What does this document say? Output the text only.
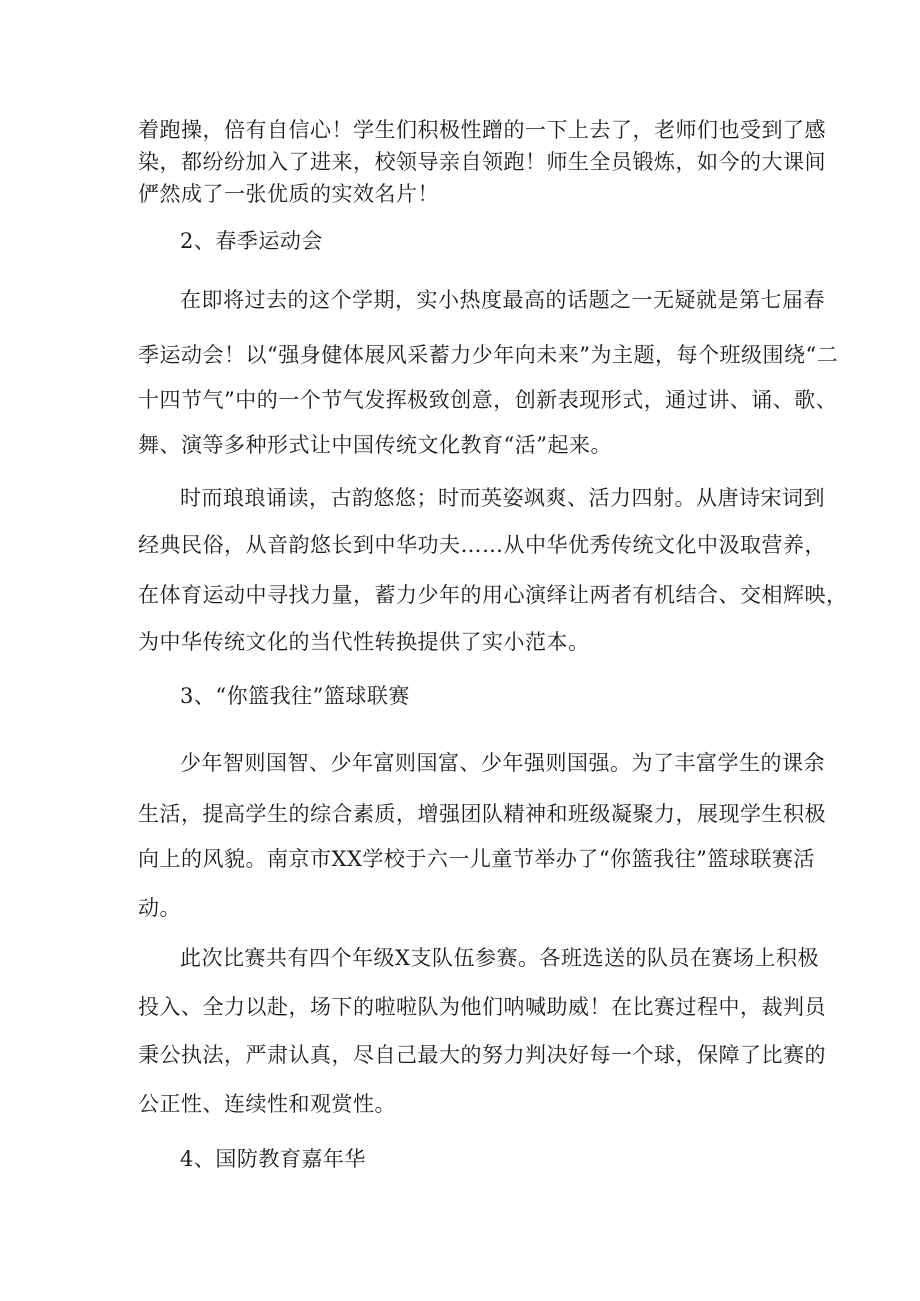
着跑操，倍有自信心！学生们积极性蹭的一下上去了，老师们也受到了感
染，都纷纷加入了进来，校领导亲自领跑！师生全员锻炼，如今的大课间
俨然成了一张优质的实效名片！
2、春季运动会
在即将过去的这个学期，实小热度最高的话题之一无疑就是第七届春
季运动会！以“强身健体展风采蓄力少年向未来”为主题，每个班级围绕“二
十四节气”中的一个节气发挥极致创意，创新表现形式，通过讲、诵、歌、
舞、演等多种形式让中国传统文化教育“活”起来。
时而琅琅诵读，古韵悠悠；时而英姿飒爽、活力四射。从唐诗宋词到
经典民俗，从音韵悠长到中华功夫……从中华优秀传统文化中汲取营养，
在体育运动中寻找力量，蓄力少年的用心演绎让两者有机结合、交相辉映，
为中华传统文化的当代性转换提供了实小范本。
3、“你篮我往”篮球联赛
少年智则国智、少年富则国富、少年强则国强。为了丰富学生的课余
生活，提高学生的综合素质，增强团队精神和班级凝聚力，展现学生积极
向上的风貌。南京市XX学校于六一儿童节举办了“你篮我往”篮球联赛活
动。
此次比赛共有四个年级X支队伍参赛。各班选送的队员在赛场上积极
投入、全力以赴，场下的啦啦队为他们呐喊助威！在比赛过程中，裁判员
秉公执法，严肃认真，尽自己最大的努力判决好每一个球，保障了比赛的
公正性、连续性和观赏性。
4、国防教育嘉年华
